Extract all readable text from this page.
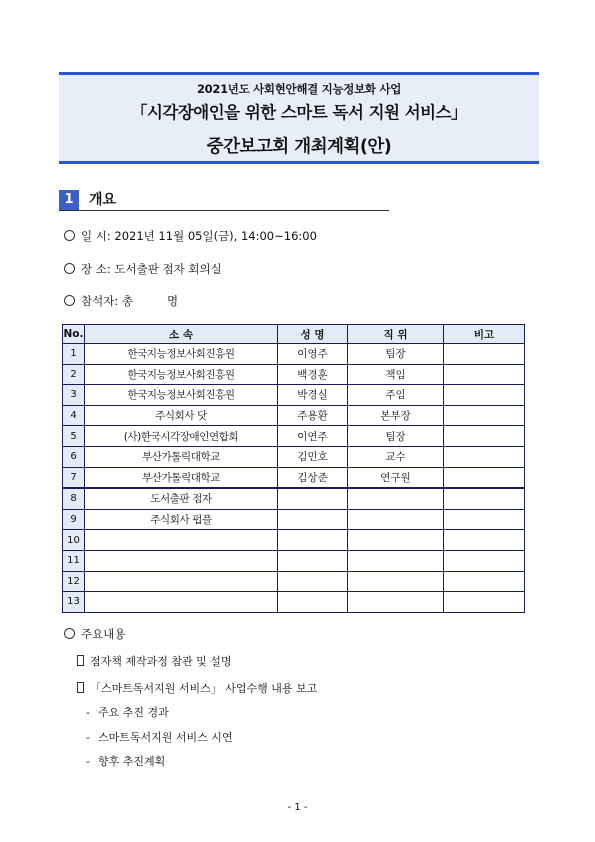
2021년도 사회현안해결 지능정보화 사업
「시각장애인을 위한 스마트 독서 지원 서비스」
중간보고회 개최계획(안)
1	개요
일 시: 2021년 11월 05일(금), 14:00~16:00
장 소: 도서출판 점자 회의실
참석자: 총	명
No.	소 속	성 명	직 위	비고
1	한국지능정보사회진흥원	이영주	팀장	
2	한국지능정보사회진흥원	백경훈	책임	
3	한국지능정보사회진흥원	박경실	주임	
4	주식회사 닷	주용환	본부장	
5	(사)한국시각장애인연합회	이연주	팀장	
6	부산가톨릭대학교	김민호	교수	
7	부산가톨릭대학교	김상준	연구원	
8	도서출판 점자			
9	주식회사 펍플			
10				
11				
12				
13				
주요내용
점자책 제작과정 참관 및 설명
「스마트독서지원 서비스」 사업수행 내용 보고
- 주요 추진 경과
- 스마트독서지원 서비스 시연
- 향후 추진계획
- 1 -
